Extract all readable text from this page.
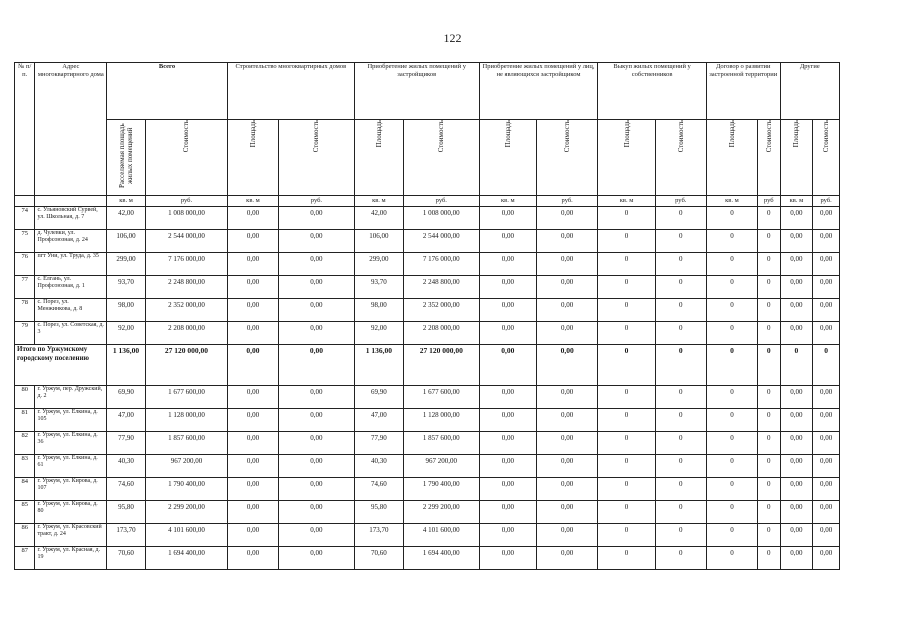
122
№ п/п.	Адрес многоквартирного дома	Всего		Строительство многоквартирных домов		Приобретение жилых помещений у застройщиков		Приобретение жилых помещений у лиц, не являющихся застройщиком		Выкуп жилых помещений у собственников		Договор о развитии застроенной территории		Другие	
		Расселяемая площадь жилых помещений	Стоимость	Площадь	Стоимость	Площадь	Стоимость	Площадь	Стоимость	Площадь	Стоимость	Площадь	Стоимость	Площадь	Стоимость
		кв. м	руб.	кв. м	руб.	кв. м	руб.	кв. м	руб.	кв. м	руб.	кв. м	руб	кв. м	руб.
74	с. Ульяновский Сурвей, ул. Школьная, д. 7	42,00	1 008 000,00	0,00	0,00	42,00	1 008 000,00	0,00	0,00	0	0	0	0	0,00	0,00
75	д. Чулевки, ул. Профсоюзная, д. 24	106,00	2 544 000,00	0,00	0,00	106,00	2 544 000,00	0,00	0,00	0	0	0	0	0,00	0,00
76	пгт Уни, ул. Труда, д. 35	299,00	7 176 000,00	0,00	0,00	299,00	7 176 000,00	0,00	0,00	0	0	0	0	0,00	0,00
77	с. Елгань, ул. Профсоюзная, д. 1	93,70	2 248 800,00	0,00	0,00	93,70	2 248 800,00	0,00	0,00	0	0	0	0	0,00	0,00
78	с. Порез, ул. Менжинкова, д. 8	98,00	2 352 000,00	0,00	0,00	98,00	2 352 000,00	0,00	0,00	0	0	0	0	0,00	0,00
79	с. Порез, ул. Советская, д. 3	92,00	2 208 000,00	0,00	0,00	92,00	2 208 000,00	0,00	0,00	0	0	0	0	0,00	0,00
Итого по Уржумскому городскому поселению		1 136,00	27 120 000,00	0,00	0,00	1 136,00	27 120 000,00	0,00	0,00	0	0	0	0	0	0
80	г. Уржум, пер. Дружский, д. 2	69,90	1 677 600,00	0,00	0,00	69,90	1 677 600,00	0,00	0,00	0	0	0	0	0,00	0,00
81	г. Уржум, ул. Елкина, д. 105	47,00	1 128 000,00	0,00	0,00	47,00	1 128 000,00	0,00	0,00	0	0	0	0	0,00	0,00
82	г. Уржум, ул. Елкина, д. 36	77,90	1 857 600,00	0,00	0,00	77,90	1 857 600,00	0,00	0,00	0	0	0	0	0,00	0,00
83	г. Уржум, ул. Елкина, д. 61	40,30	967 200,00	0,00	0,00	40,30	967 200,00	0,00	0,00	0	0	0	0	0,00	0,00
84	г. Уржум, ул. Кирова, д. 107	74,60	1 790 400,00	0,00	0,00	74,60	1 790 400,00	0,00	0,00	0	0	0	0	0,00	0,00
85	г. Уржум, ул. Кирова, д. 80	95,80	2 299 200,00	0,00	0,00	95,80	2 299 200,00	0,00	0,00	0	0	0	0	0,00	0,00
86	г. Уржум, ул. Красовский тракт, д. 24	173,70	4 101 600,00	0,00	0,00	173,70	4 101 600,00	0,00	0,00	0	0	0	0	0,00	0,00
87	г. Уржум, ул. Красная, д. 19	70,60	1 694 400,00	0,00	0,00	70,60	1 694 400,00	0,00	0,00	0	0	0	0	0,00	0,00
